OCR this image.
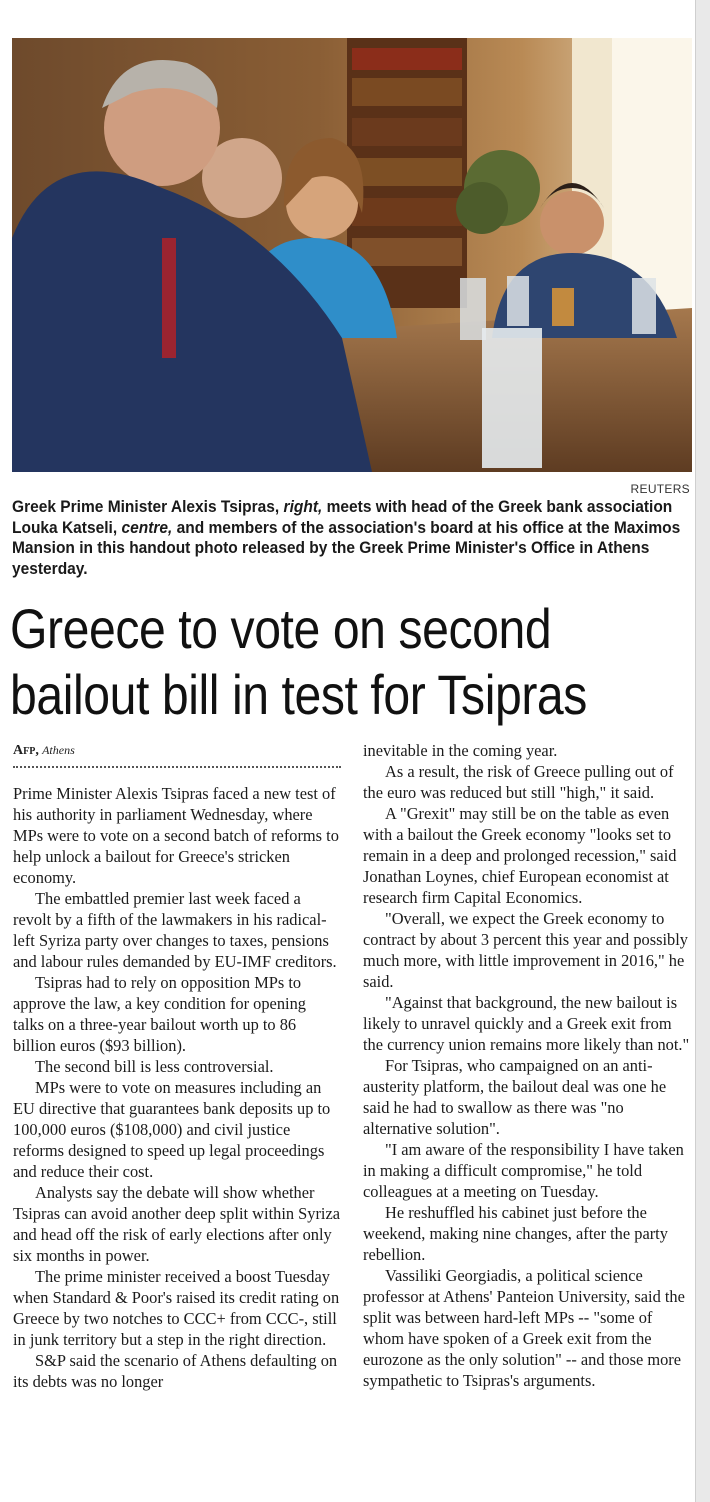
REUTERS
Greek Prime Minister Alexis Tsipras, right, meets with head of the Greek bank association Louka Katseli, centre, and members of the association's board at his office at the Maximos Mansion in this handout photo released by the Greek Prime Minister's Office in Athens yesterday.
Greece to vote on second bailout bill in test for Tsipras
Afp, Athens

Prime Minister Alexis Tsipras faced a new test of his authority in parliament Wednesday, where MPs were to vote on a second batch of reforms to help unlock a bailout for Greece's stricken economy.

The embattled premier last week faced a revolt by a fifth of the lawmakers in his radical-left Syriza party over changes to taxes, pensions and labour rules demanded by EU-IMF creditors.

Tsipras had to rely on opposition MPs to approve the law, a key condition for opening talks on a three-year bailout worth up to 86 billion euros ($93 billion).

The second bill is less controversial.

MPs were to vote on measures including an EU directive that guarantees bank deposits up to 100,000 euros ($108,000) and civil justice reforms designed to speed up legal proceedings and reduce their cost.

Analysts say the debate will show whether Tsipras can avoid another deep split within Syriza and head off the risk of early elections after only six months in power.

The prime minister received a boost Tuesday when Standard & Poor's raised its credit rating on Greece by two notches to CCC+ from CCC-, still in junk territory but a step in the right direction.

S&P said the scenario of Athens defaulting on its debts was no longer

inevitable in the coming year.

As a result, the risk of Greece pulling out of the euro was reduced but still "high," it said.

A "Grexit" may still be on the table as even with a bailout the Greek economy "looks set to remain in a deep and prolonged recession," said Jonathan Loynes, chief European economist at research firm Capital Economics.

"Overall, we expect the Greek economy to contract by about 3 percent this year and possibly much more, with little improvement in 2016," he said.

"Against that background, the new bailout is likely to unravel quickly and a Greek exit from the currency union remains more likely than not."

For Tsipras, who campaigned on an anti-austerity platform, the bailout deal was one he said he had to swallow as there was "no alternative solution".

"I am aware of the responsibility I have taken in making a difficult compromise," he told colleagues at a meeting on Tuesday.

He reshuffled his cabinet just before the weekend, making nine changes, after the party rebellion.

Vassiliki Georgiadis, a political science professor at Athens' Panteion University, said the split was between hard-left MPs -- "some of whom have spoken of a Greek exit from the eurozone as the only solution" -- and those more sympathetic to Tsipras's arguments.
